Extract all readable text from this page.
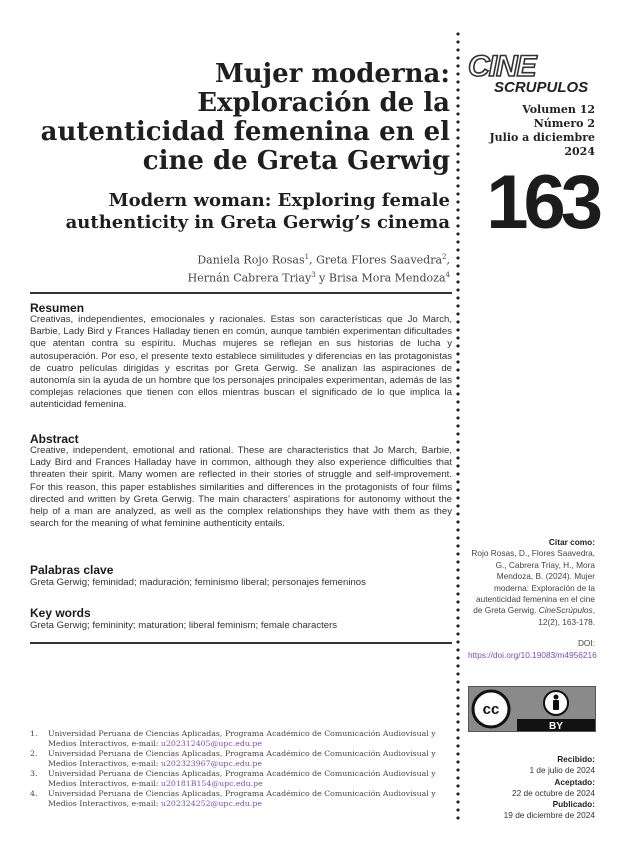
Mujer moderna:
Exploración de la
autenticidad femenina en el
cine de Greta Gerwig
Modern woman: Exploring female
authenticity in Greta Gerwig’s cinema
Daniela Rojo Rosas$^1$, Greta Flores Saavedra$^2$,
Hernán Cabrera Triay$^3$ y Brisa Mora Mendoza$^4$
Resumen
Creativas, independientes, emocionales y racionales. Estas son características que Jo March, Barbie, Lady Bird y Frances Halladay tienen en común, aunque también experimentan dificultades que atentan contra su espíritu. Muchas mujeres se reflejan en sus historias de lucha y autosuperación. Por eso, el presente texto establece similitudes y diferencias en las protagonistas de cuatro películas dirigidas y escritas por Greta Gerwig. Se analizan las aspiraciones de autonomía sin la ayuda de un hombre que los personajes principales experimentan, además de las complejas relaciones que tienen con ellos mientras buscan el significado de lo que implica la autenticidad femenina.
Abstract
Creative, independent, emotional and rational. These are characteristics that Jo March, Barbie, Lady Bird and Frances Halladay have in common, although they also experience difficulties that threaten their spirit. Many women are reflected in their stories of struggle and self-improvement. For this reason, this paper establishes similarities and differences in the protagonists of four films directed and written by Greta Gerwig. The main characters’ aspirations for autonomy without the help of a man are analyzed, as well as the complex relationships they have with them as they search for the meaning of what feminine authenticity entails.
Palabras clave
Greta Gerwig; feminidad; maduración; feminismo liberal; personajes femeninos
Key words
Greta Gerwig; femininity; maturation; liberal feminism; female characters
CINE
SCRUPULOS
Volumen 12
Número 2
Julio a diciembre
2024
163
Citar como:
Rojo Rosas, D., Flores Saavedra, G., Cabrera Triay, H., Mora Mendoza, B. (2024). Mujer moderna: Exploración de la autenticidad femenina en el cine de Greta Gerwig. CineScrúpulos, 12(2), 163-178.
DOI: https://doi.org/10.19083/m4956216
cc
BY
Recibido:
1 de julio de 2024
Aceptado:
22 de octubre de 2024
Publicado:
19 de diciembre de 2024
1.	Universidad Peruana de Ciencias Aplicadas, Programa Académico de Comunicación Audiovisual y Medios Interactivos, e-mail: u202312405@upc.edu.pe
2.	Universidad Peruana de Ciencias Aplicadas, Programa Académico de Comunicación Audiovisual y Medios Interactivos, e-mail: u202323967@upc.edu.pe
3.	Universidad Peruana de Ciencias Aplicadas, Programa Académico de Comunicación Audiovisual y Medios Interactivos, e-mail: u20181B154@upc.edu.pe
4.	Universidad Peruana de Ciencias Aplicadas, Programa Académico de Comunicación Audiovisual y Medios Interactivos, e-mail: u202324252@upc.edu.pe
